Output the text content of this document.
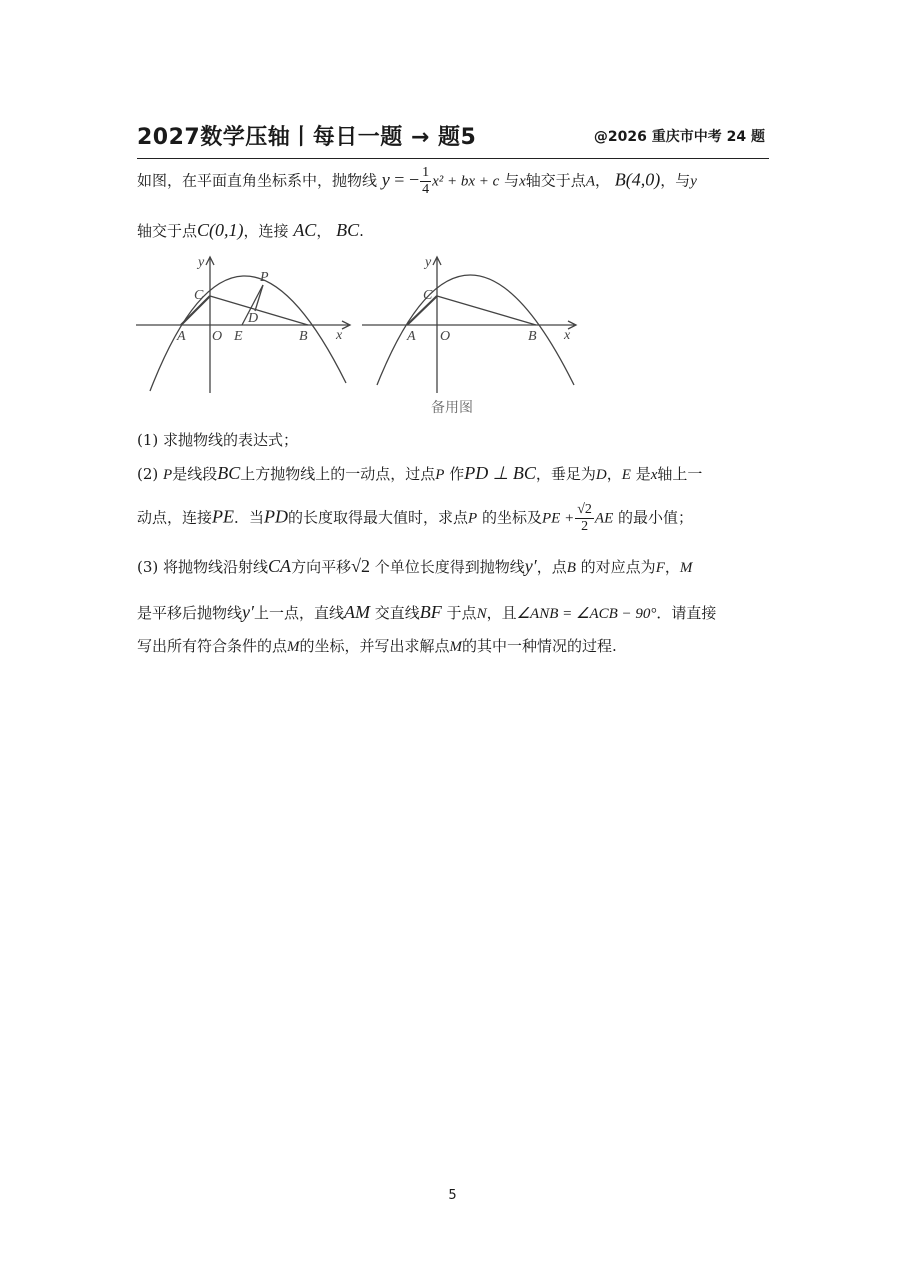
2027数学压轴丨每日一题 → 题5	@2026 重庆市中考 24 题
如图，在平面直角坐标系中，抛物线 y = − $\frac{1}{4} x^2$ + bx + c 与x轴交于点A， B(4,0)，与y
轴交于点C(0,1)，连接 AC， BC.
y
x
C
P
D
A O E	B
y
x
C
A O	B
备用图
(1) 求抛物线的表达式；
(2) P是线段BC上方抛物线上的一动点，过点P 作PD ⊥ BC，垂足为D，E 是x轴上一
动点，连接PE．当PD的长度取得最大值时，求点P 的坐标及PE + $\frac{√2}{2}$ AE 的最小值；
(3) 将抛物线沿射线CA方向平移√2 个单位长度得到抛物线y′，点B 的对应点为F，M
是平移后抛物线y′上一点，直线AM 交直线BF 于点N，且∠ANB = ∠ACB − 90°．请直接
写出所有符合条件的点M的坐标，并写出求解点M的其中一种情况的过程.
5
